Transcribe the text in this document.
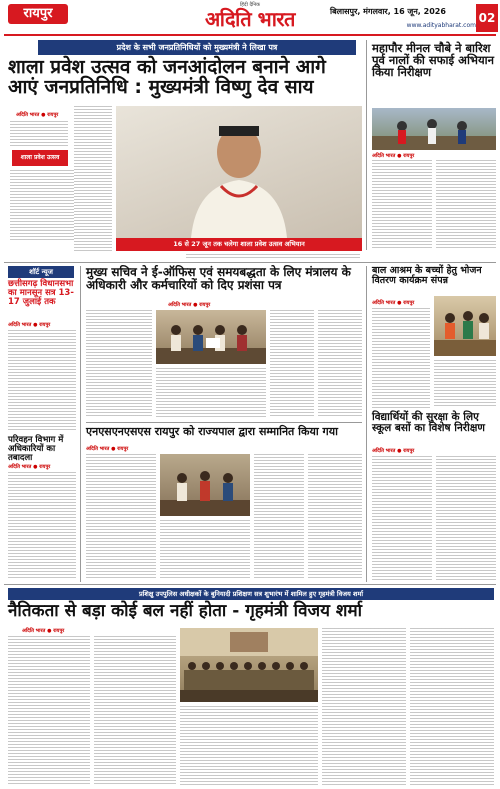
रायपुर
हिंदी दैनिक
अदिति भारत	बिलासपुर, मंगलवार, 16 जून, 2026	02
www.adityabharat.com
प्रदेश के सभी जनप्रतिनिधियों को मुख्यमंत्री ने लिखा पत्र
शाला प्रवेश उत्सव को जनआंदोलन बनाने आगे आएं जनप्रतिनिधि : मुख्यमंत्री विष्णु देव साय
अदिति भारत ● रायपुर
शाला प्रवेश उत्सव
16 से 27 जून तक चलेगा शाला प्रवेश उत्सव अभियान
महापौर मीनल चौबे ने बारिश पूर्व नालों की सफाई अभियान किया निरीक्षण
अदिति भारत ● रायपुर
शॉर्ट न्यूज
छत्तीसगढ़ विधानसभा का मानसून सत्र 13-17 जुलाई तक
अदिति भारत ● रायपुर
परिवहन विभाग में अधिकारियों का तबादला
अदिति भारत ● रायपुर
मुख्य सचिव ने ई-ऑफिस एवं समयबद्धता के लिए मंत्रालय के अधिकारी और कर्मचारियों को दिए प्रशंसा पत्र
अदिति भारत ● रायपुर
बाल आश्रम के बच्चों हेतु भोजन वितरण कार्यक्रम संपन्न
अदिति भारत ● रायपुर
एनएसएनएसएस रायपुर को राज्यपाल द्वारा सम्मानित किया गया
अदिति भारत ● रायपुर
विद्यार्थियों की सुरक्षा के लिए स्कूल बसों का विशेष निरीक्षण
अदिति भारत ● रायपुर
प्रशिक्षु उपपुलिस अधीक्षकों के बुनियादी प्रशिक्षण सत्र शुभारंभ में शामिल हुए गृहमंत्री विजय शर्मा
नैतिकता से बड़ा कोई बल नहीं होता - गृहमंत्री विजय शर्मा
अदिति भारत ● रायपुर
